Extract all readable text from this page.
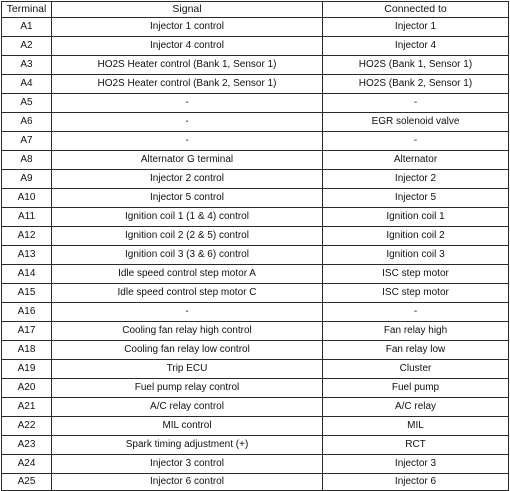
Terminal	Signal	Connected to
A1	Injector 1 control	Injector 1
A2	Injector 4 control	Injector 4
A3	HO2S Heater control (Bank 1, Sensor 1)	HO2S (Bank 1, Sensor 1)
A4	HO2S Heater control (Bank 2, Sensor 1)	HO2S (Bank 2, Sensor 1)
A5	-	-
A6	-	EGR solenoid valve
A7	-	-
A8	Alternator G terminal	Alternator
A9	Injector 2 control	Injector 2
A10	Injector 5 control	Injector 5
A11	Ignition coil 1 (1 & 4) control	Ignition coil 1
A12	Ignition coil 2 (2 & 5) control	Ignition coil 2
A13	Ignition coil 3 (3 & 6) control	Ignition coil 3
A14	Idle speed control step motor A	ISC step motor
A15	Idle speed control step motor C	ISC step motor
A16	-	-
A17	Cooling fan relay high control	Fan relay high
A18	Cooling fan relay low control	Fan relay low
A19	Trip ECU	Cluster
A20	Fuel pump relay control	Fuel pump
A21	A/C relay control	A/C relay
A22	MIL control	MIL
A23	Spark timing adjustment (+)	RCT
A24	Injector 3 control	Injector 3
A25	Injector 6 control	Injector 6
